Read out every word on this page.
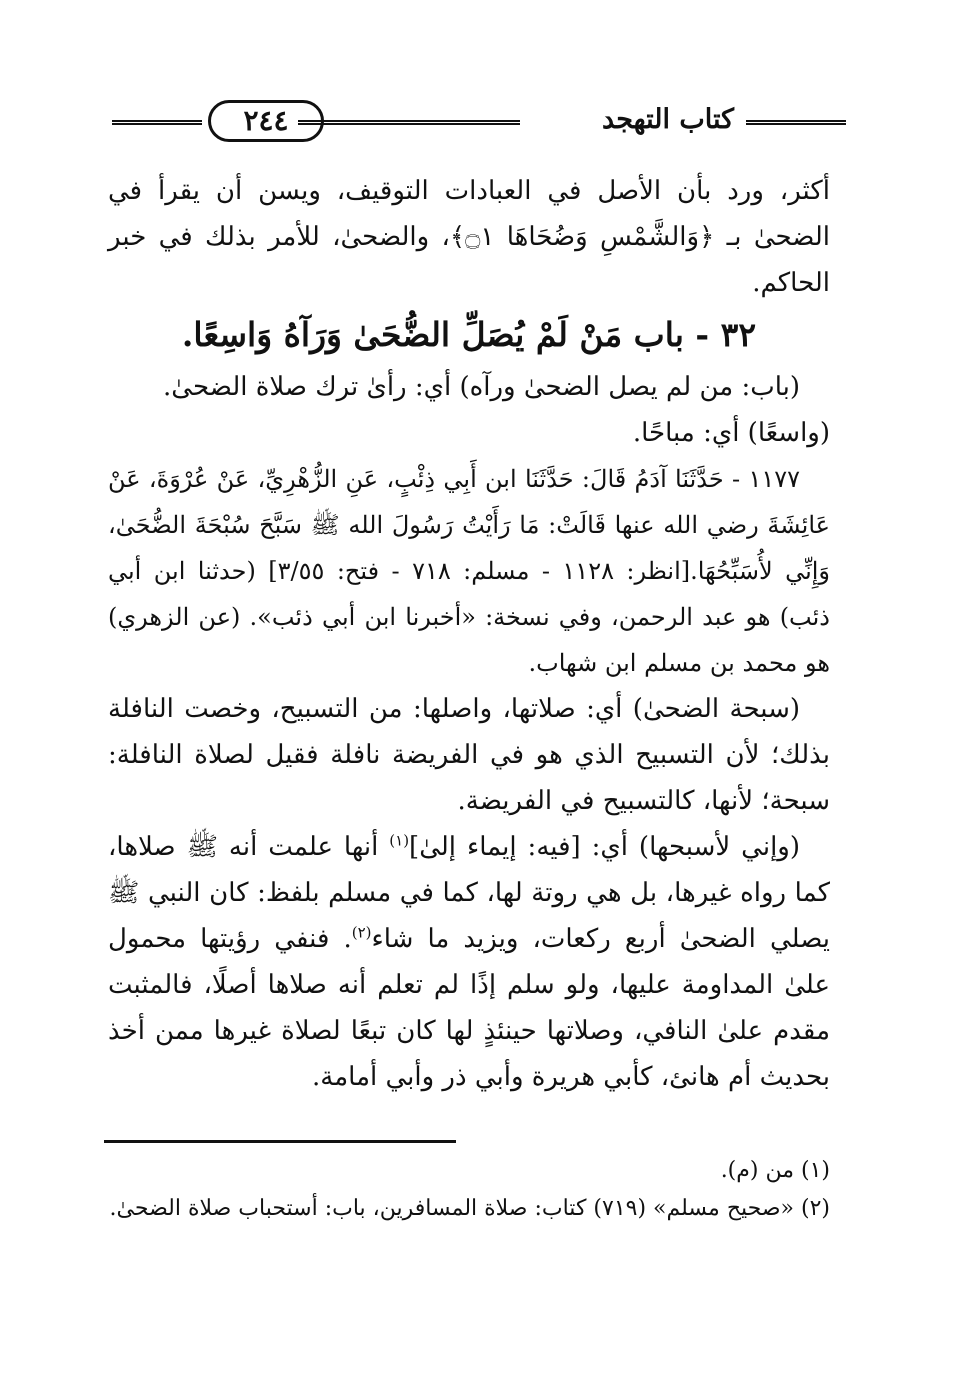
كتاب التهجد
٢٤٤

أكثر، ورد بأن الأصل في العبادات التوقيف، ويسن أن يقرأ في الضحىٰ بـ ﴿وَالشَّمْسِ وَضُحَاهَا ۝١﴾، والضحىٰ، للأمر بذلك في خبر الحاكم.

٣٢ - باب مَنْ لَمْ يُصَلِّ الضُّحَىٰ وَرَآهُ وَاسِعًا.

(باب: من لم يصل الضحىٰ ورآه) أي: رأىٰ ترك صلاة الضحىٰ.

(واسعًا) أي: مباحًا.

١١٧٧ - حَدَّثَنَا آدَمُ قَالَ: حَدَّثَنَا ابن أَبِي ذِئْبٍ، عَنِ الزُّهْرِيِّ، عَنْ عُرْوَةَ، عَنْ عَائِشَةَ رضي الله عنها قَالَتْ: مَا رَأَيْتُ رَسُولَ الله ﷺ سَبَّحَ سُبْحَةَ الضُّحَىٰ، وَإِنِّي لأُسَبِّحُهَا.[انظر: ١١٢٨ - مسلم: ٧١٨ - فتح: ٣/٥٥] (حدثنا ابن أبي ذئب) هو عبد الرحمن، وفي نسخة: «أخبرنا ابن أبي ذئب». (عن الزهري) هو محمد بن مسلم ابن شهاب.

(سبحة الضحىٰ) أي: صلاتها، واصلها: من التسبيح، وخصت النافلة بذلك؛ لأن التسبيح الذي هو في الفريضة نافلة فقيل لصلاة النافلة: سبحة؛ لأنها، كالتسبيح في الفريضة.

(وإني لأسبحها) أي: [فيه: إيماء إلىٰ]$^{(١)}$ أنها علمت أنه ﷺ صلاها، كما رواه غيرها، بل هي روتة لها، كما في مسلم بلفظ: كان النبي ﷺ يصلي الضحىٰ أربع ركعات، ويزيد ما شاء$^{(٢)}$. فنفي رؤيتها محمول علىٰ المداومة عليها، ولو سلم إذًا لم تعلم أنه صلاها أصلًا، فالمثبت مقدم علىٰ النافي، وصلاتها حينئذٍ لها كان تبعًا لصلاة غيرها ممن أخذ بحديث أم هانئ، كأبي هريرة وأبي ذر وأبي أمامة.

(١) من (م).

(٢) «صحيح مسلم» (٧١٩) كتاب: صلاة المسافرين، باب: أستحباب صلاة الضحىٰ.
